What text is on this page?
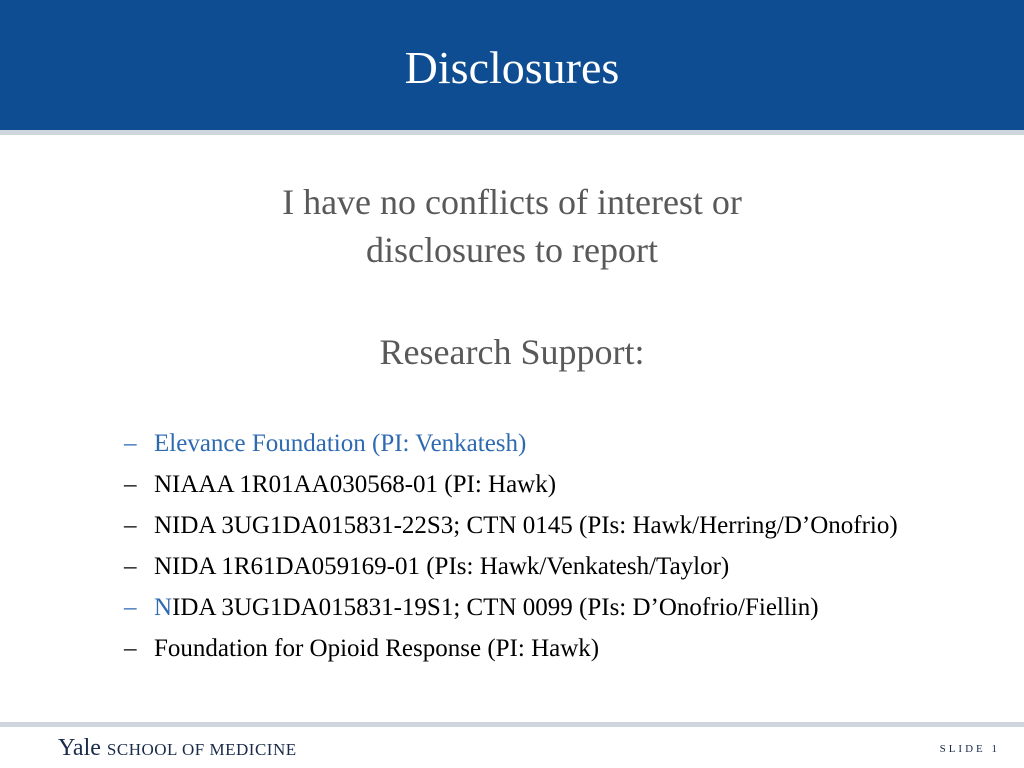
Disclosures
I have no conflicts of interest or
disclosures to report
Research Support:
– Elevance Foundation (PI: Venkatesh)
– NIAAA 1R01AA030568-01 (PI: Hawk)
– NIDA 3UG1DA015831-22S3; CTN 0145 (PIs: Hawk/Herring/D’Onofrio)
– NIDA 1R61DA059169-01 (PIs: Hawk/Venkatesh/Taylor)
– NIDA 3UG1DA015831-19S1; CTN 0099 (PIs: D’Onofrio/Fiellin)
– Foundation for Opioid Response (PI: Hawk)
Yale SCHOOL OF MEDICINE	SLIDE 1
